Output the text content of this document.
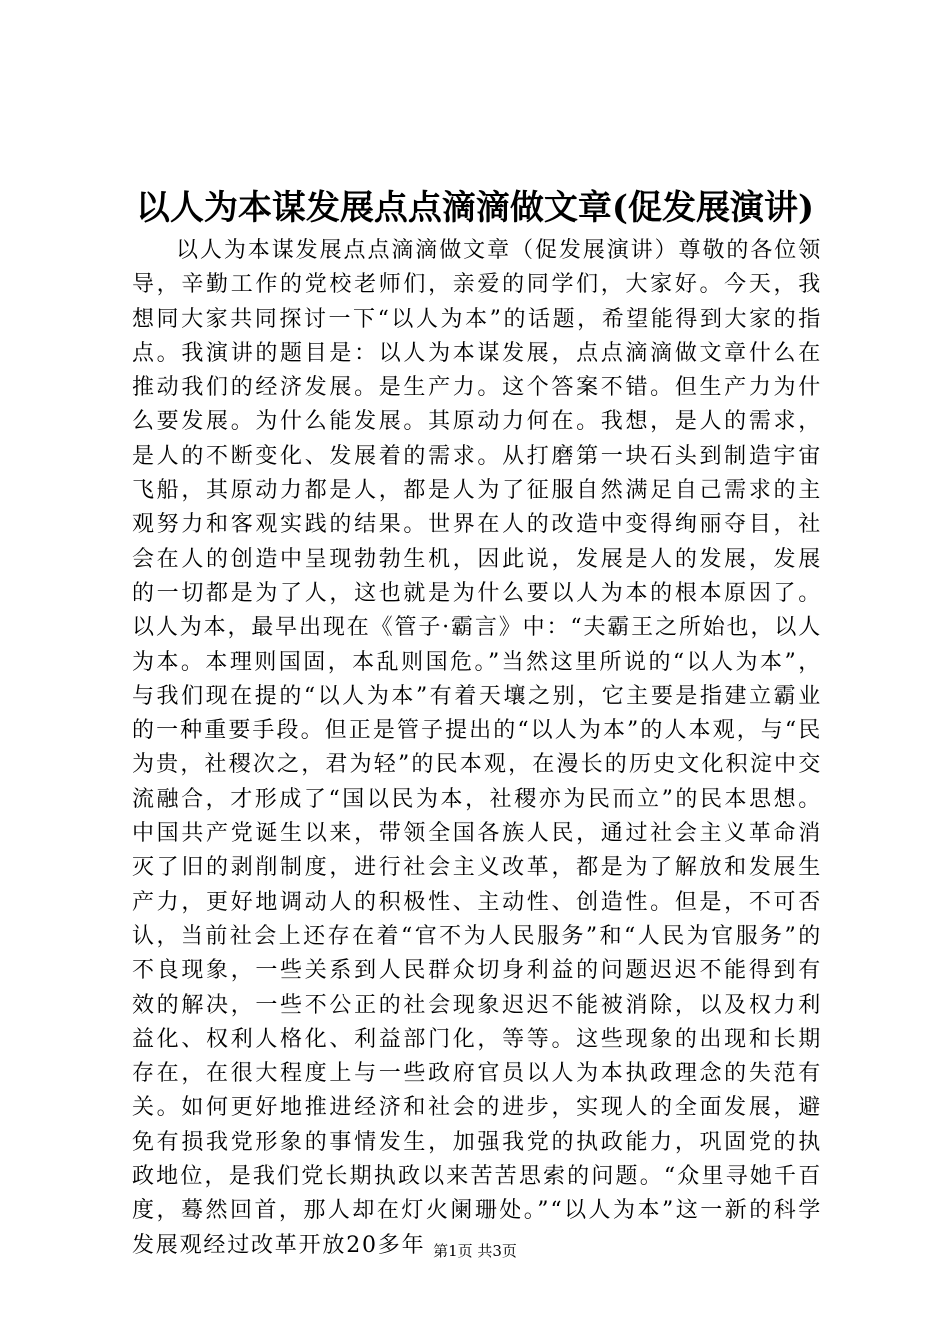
以人为本谋发展点点滴滴做文章(促发展演讲)

以人为本谋发展点点滴滴做文章（促发展演讲）尊敬的各位领导，辛勤工作的党校老师们，亲爱的同学们，大家好。今天，我想同大家共同探讨一下“以人为本”的话题，希望能得到大家的指点。我演讲的题目是：以人为本谋发展，点点滴滴做文章什么在推动我们的经济发展。是生产力。这个答案不错。但生产力为什么要发展。为什么能发展。其原动力何在。我想，是人的需求，是人的不断变化、发展着的需求。从打磨第一块石头到制造宇宙飞船，其原动力都是人，都是人为了征服自然满足自己需求的主观努力和客观实践的结果。世界在人的改造中变得绚丽夺目，社会在人的创造中呈现勃勃生机，因此说，发展是人的发展，发展的一切都是为了人，这也就是为什么要以人为本的根本原因了。以人为本，最早出现在《管子·霸言》中：“夫霸王之所始也，以人为本。本理则国固，本乱则国危。”当然这里所说的“以人为本”，与我们现在提的“以人为本”有着天壤之别，它主要是指建立霸业的一种重要手段。但正是管子提出的“以人为本”的人本观，与“民为贵，社稷次之，君为轻”的民本观，在漫长的历史文化积淀中交流融合，才形成了“国以民为本，社稷亦为民而立”的民本思想。中国共产党诞生以来，带领全国各族人民，通过社会主义革命消灭了旧的剥削制度，进行社会主义改革，都是为了解放和发展生产力，更好地调动人的积极性、主动性、创造性。但是，不可否认，当前社会上还存在着“官不为人民服务”和“人民为官服务”的不良现象，一些关系到人民群众切身利益的问题迟迟不能得到有效的解决，一些不公正的社会现象迟迟不能被消除，以及权力利益化、权利人格化、利益部门化，等等。这些现象的出现和长期存在，在很大程度上与一些政府官员以人为本执政理念的失范有关。如何更好地推进经济和社会的进步，实现人的全面发展，避免有损我党形象的事情发生，加强我党的执政能力，巩固党的执政地位，是我们党长期执政以来苦苦思索的问题。“众里寻她千百度，蓦然回首，那人却在灯火阑珊处。”“以人为本”这一新的科学发展观经过改革开放20多年 第1页 共3页
